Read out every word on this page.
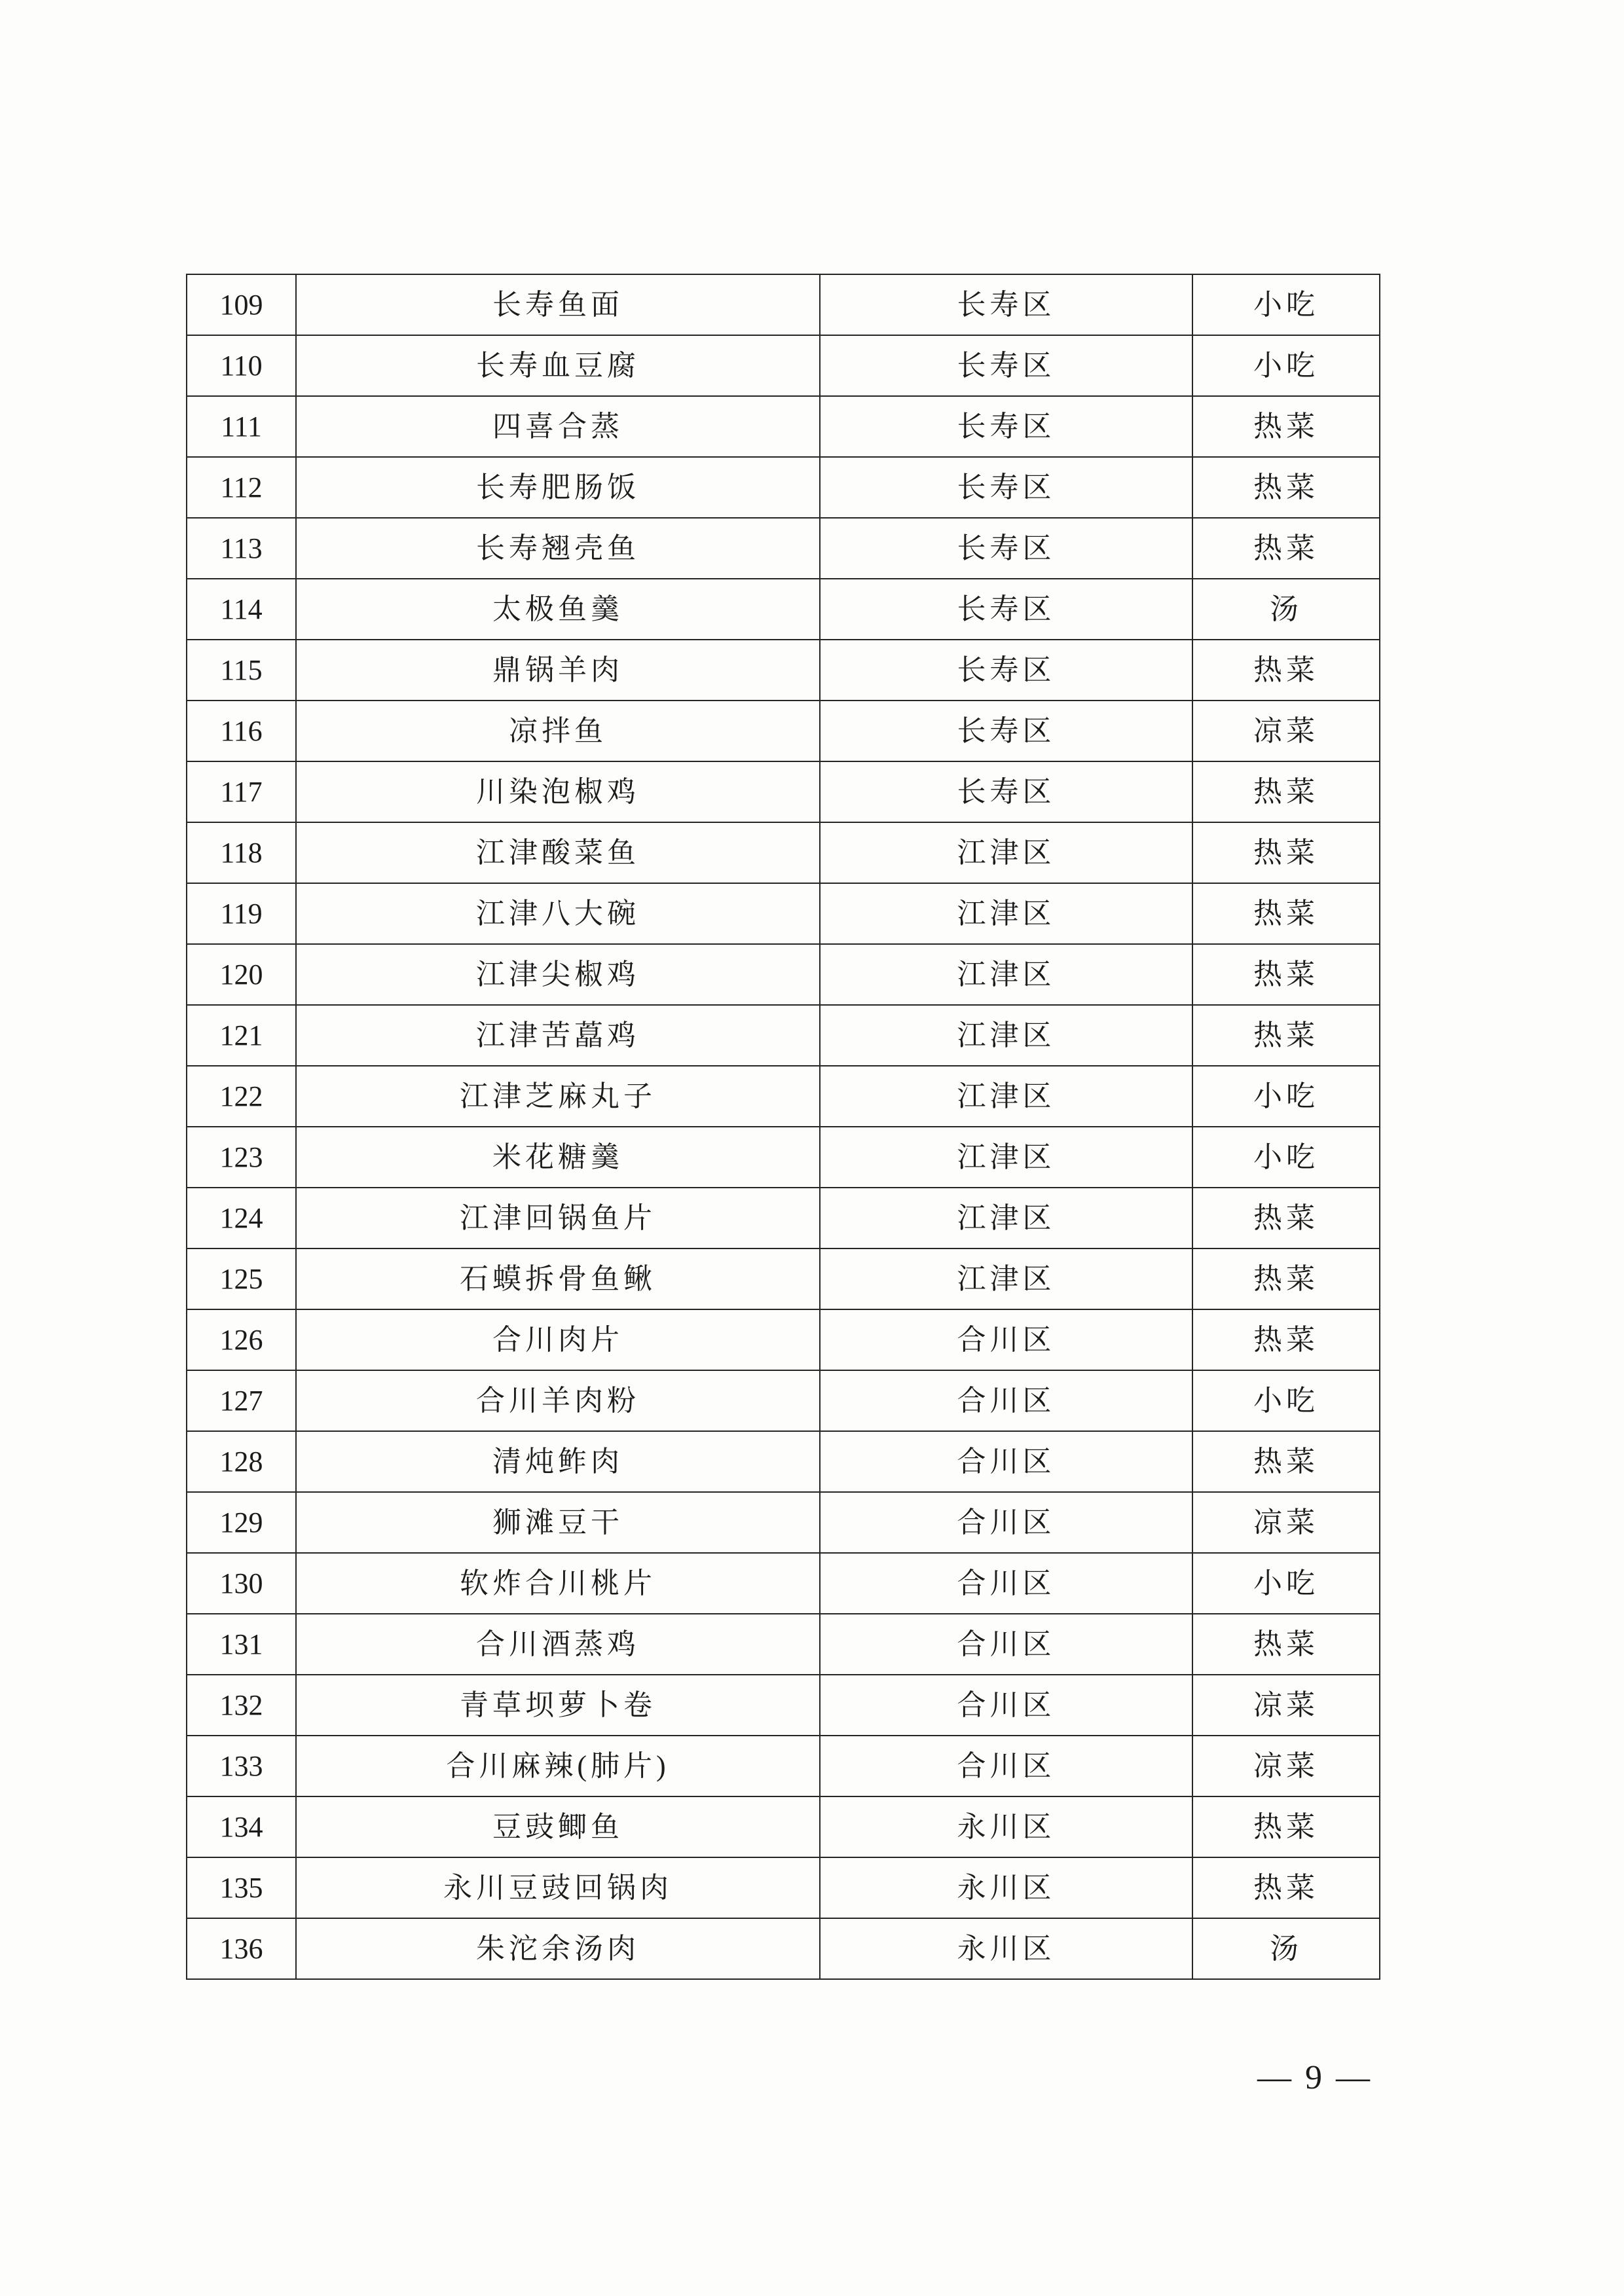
109	长寿鱼面	长寿区	小吃
110	长寿血豆腐	长寿区	小吃
111	四喜合蒸	长寿区	热菜
112	长寿肥肠饭	长寿区	热菜
113	长寿翘壳鱼	长寿区	热菜
114	太极鱼羹	长寿区	汤
115	鼎锅羊肉	长寿区	热菜
116	凉拌鱼	长寿区	凉菜
117	川染泡椒鸡	长寿区	热菜
118	江津酸菜鱼	江津区	热菜
119	江津八大碗	江津区	热菜
120	江津尖椒鸡	江津区	热菜
121	江津苦藠鸡	江津区	热菜
122	江津芝麻丸子	江津区	小吃
123	米花糖羹	江津区	小吃
124	江津回锅鱼片	江津区	热菜
125	石蟆拆骨鱼鳅	江津区	热菜
126	合川肉片	合川区	热菜
127	合川羊肉粉	合川区	小吃
128	清炖鲊肉	合川区	热菜
129	狮滩豆干	合川区	凉菜
130	软炸合川桃片	合川区	小吃
131	合川酒蒸鸡	合川区	热菜
132	青草坝萝卜卷	合川区	凉菜
133	合川麻辣(肺片)	合川区	凉菜
134	豆豉鲫鱼	永川区	热菜
135	永川豆豉回锅肉	永川区	热菜
136	朱沱余汤肉	永川区	汤
— 9 —
